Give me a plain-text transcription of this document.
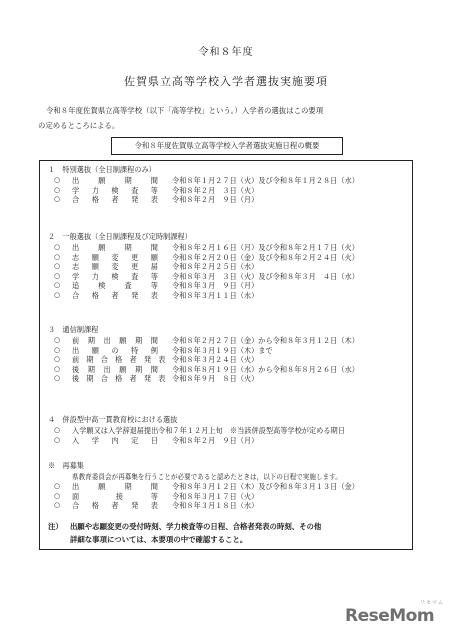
令和８年度
佐賀県立高等学校入学者選抜実施要項
令和８年度佐賀県立高等学校（以下「高等学校」という。）入学者の選抜はこの要項
の定めるところによる。
令和８年度佐賀県立高等学校入学者選抜実施日程の概要
１　特別選抜（全日制課程のみ）
○	出　願　期　間 令和８年１月２７日（火）及び令和８年１月２８日（水）
○	学　力　検　査　等 令和８年２月　３日（火）
○	合　格　者　発　表 令和８年２月　９日（月）
２　一般選抜（全日制課程及び定時制課程）
○	出　願　期　間 令和８年２月１６日（月）及び令和８年２月１７日（火）
○	志　願　変　更　願 令和８年２月２０日（金）及び令和８年２月２４日（火）
○	志　願　変　更　届 令和８年２月２５日（水）
○	学　力　検　査　等 令和８年３月　３日（火）及び令和８年３月　４日（水）
○	追　検　査　等 令和８年３月　９日（月）
○	合　格　者　発　表 令和８年３月１１日（水）
３　通信制課程
○	前　期　出　願　期　間 令和８年２月２７日（金）から令和８年３月１２日（木）
○	出　願　の　特　例 令和８年３月１９日（木）まで
○	前　期　合　格　者　発　表 令和８年３月２４日（火）
○	後　期　出　願　期　間 令和８年８月１９日（水）から令和８年８月２６日（水）
○	後　期　合　格　者　発　表 令和８年９月　８日（火）
４　併設型中高一貫教育校における選抜
○	入学願又は入学辞退届提出 令和７年１２月上旬　※当該併設型高等学校が定める期日
○	入　学　内　定　日 令和８年２月　９日（月）
※　再募集
県教育委員会が再募集を行うことが必要であると認めたときは，以下の日程で実施します。
○	出　願　期　間 令和８年３月１２日（木）及び令和８年３月１３日（金）
○	面　　　　接　　　等 令和８年３月１７日（火）
○	合　格　者　発　表 令和８年３月１８日（水）
注） 出願や志願変更の受付時刻、学力検査等の日程、合格者発表の時刻、その他
詳細な事項については、本要項の中で確認すること。
リセマム
ReseMom
